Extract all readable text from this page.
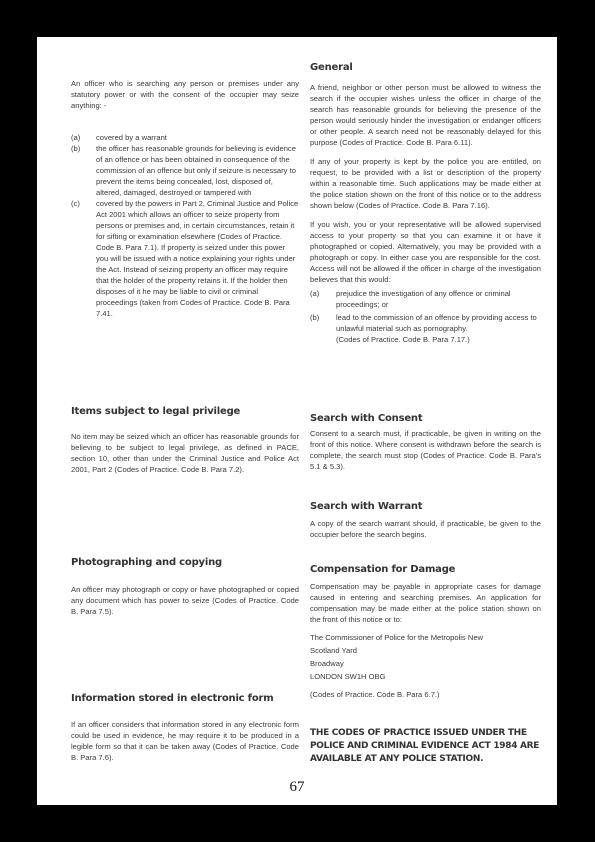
An officer who is searching any person or premises under any statutory power or with the consent of the occupier may seize anything: -

(a) covered by a warrant
(b) the officer has reasonable grounds for believing is evidence of an offence or has been obtained in consequence of the commission of an offence but only if seizure is necessary to prevent the items being concealed, lost, disposed of, altered, damaged, destroyed or tampered with
(c) covered by the powers in Part 2, Criminal Justice and Police Act 2001 which allows an officer to seize property from persons or premises and, in certain circumstances, retain it for sifting or examination elsewhere (Codes of Practice. Code B. Para 7.1). If property is seized under this power you will be issued with a notice explaining your rights under the Act. Instead of seizing property an officer may require that the holder of the property retains it. If the holder then disposes of it he may be liable to civil or criminal proceedings (taken from Codes of Practice. Code B. Para 7.41.
Items subject to legal privilege

No item may be seized which an officer has reasonable grounds for believing to be subject to legal privilege, as defined in PACE, section 10, other than under the Criminal Justice and Police Act 2001, Part 2 (Codes of Practice. Code B. Para 7.2).

Photographing and copying

An officer may photograph or copy or have photographed or copied any document which has power to seize (Codes of Practice. Code B. Para 7.5).

Information stored in electronic form

If an officer considers that information stored in any electronic form could be used in evidence, he may require it to be produced in a legible form so that it can be taken away (Codes of Practice. Code B. Para 7.6).

General

A friend, neighbor or other person must be allowed to witness the search if the occupier wishes unless the officer in charge of the search has reasonable grounds for believing the presence of the person would seriously hinder the investigation or endanger officers or other people. A search need not be reasonably delayed for this purpose (Codes of Practice. Code B. Para 6.11).

If any of your property is kept by the police you are entitled, on request, to be provided with a list or description of the property within a reasonable time. Such applications may be made either at the police station shown on the front of this notice or to the address shown below (Codes of Practice. Code B. Para 7.16).

If you wish, you or your representative will be allowed supervised access to your property so that you can examine it or have it photographed or copied. Alternatively, you may be provided with a photograph or copy. In either case you are responsible for the cost. Access will not be allowed if the officer in charge of the investigation believes that this would:

(a) prejudice the investigation of any offence or criminal proceedings; or
(b) lead to the commission of an offence by providing access to unlawful material such as pornography.
(Codes of Practice. Code B. Para 7.17.)
Search with Consent

Consent to a search must, if practicable, be given in writing on the front of this notice. Where consent is withdrawn before the search is complete, the search must stop (Codes of Practice. Code B. Para's 5.1 & 5.3).

Search with Warrant

A copy of the search warrant should, if practicable, be given to the occupier before the search begins.

Compensation for Damage

Compensation may be payable in appropriate cases for damage caused in entering and searching premises. An application for compensation may be made either at the police station shown on the front of this notice or to:

The Commissioner of Police for the Metropolis New
Scotland Yard
Broadway
LONDON SW1H OBG

(Codes of Practice. Code B. Para 6.7.)

THE CODES OF PRACTICE ISSUED UNDER THE POLICE AND CRIMINAL EVIDENCE ACT 1984 ARE AVAILABLE AT ANY POLICE STATION.
67
